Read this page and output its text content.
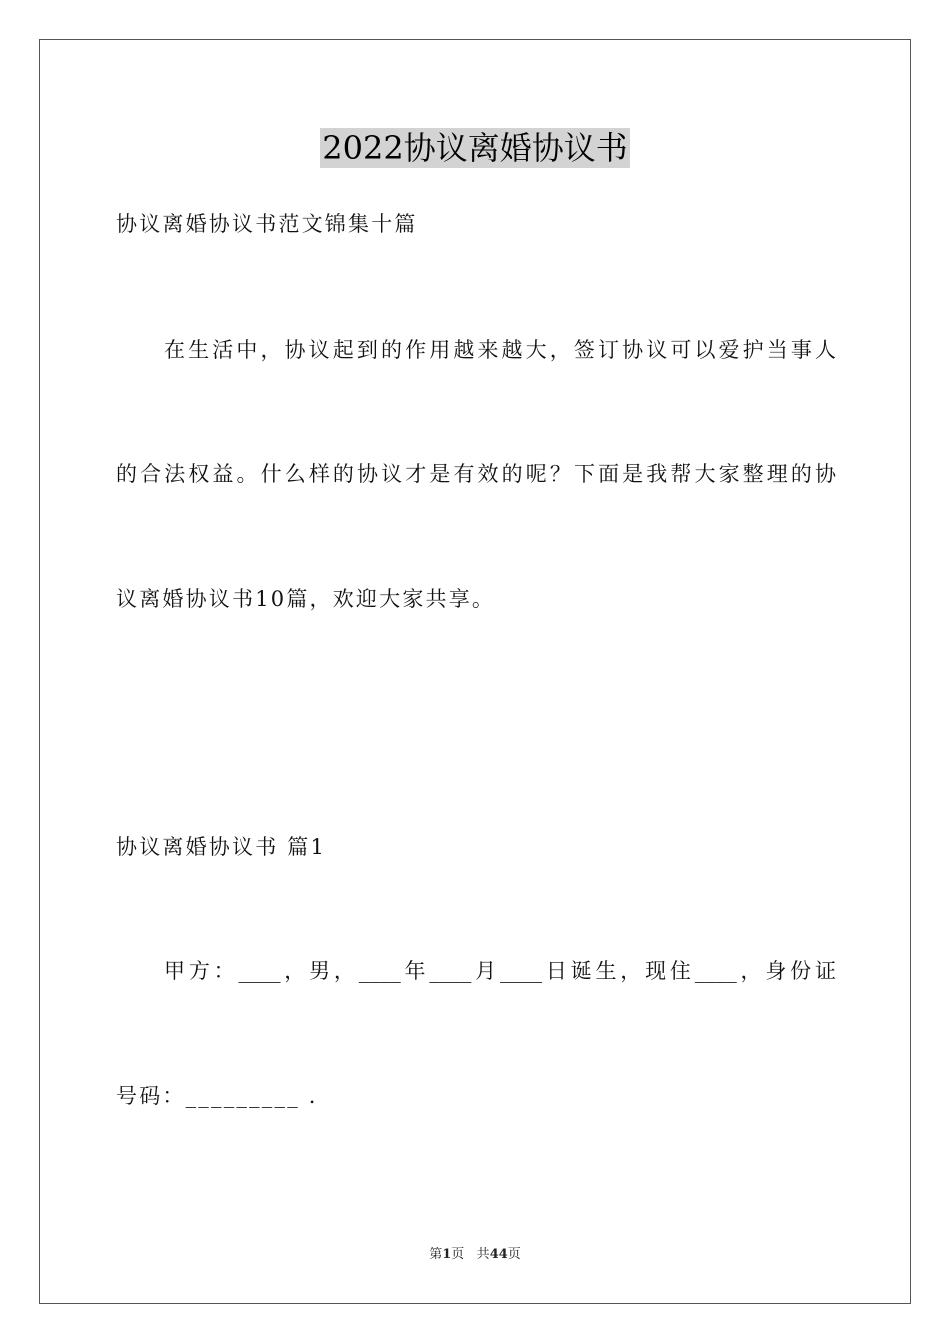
2022协议离婚协议书
协议离婚协议书范文锦集十篇
在生活中，协议起到的作用越来越大，签订协议可以爱护当事人
的合法权益。什么样的协议才是有效的呢？下面是我帮大家整理的协
议离婚协议书10篇，欢迎大家共享。
协议离婚协议书 篇1
甲方：____，男，____年____月____日诞生，现住____，身份证
号码：_________ .
第1页 共44页
